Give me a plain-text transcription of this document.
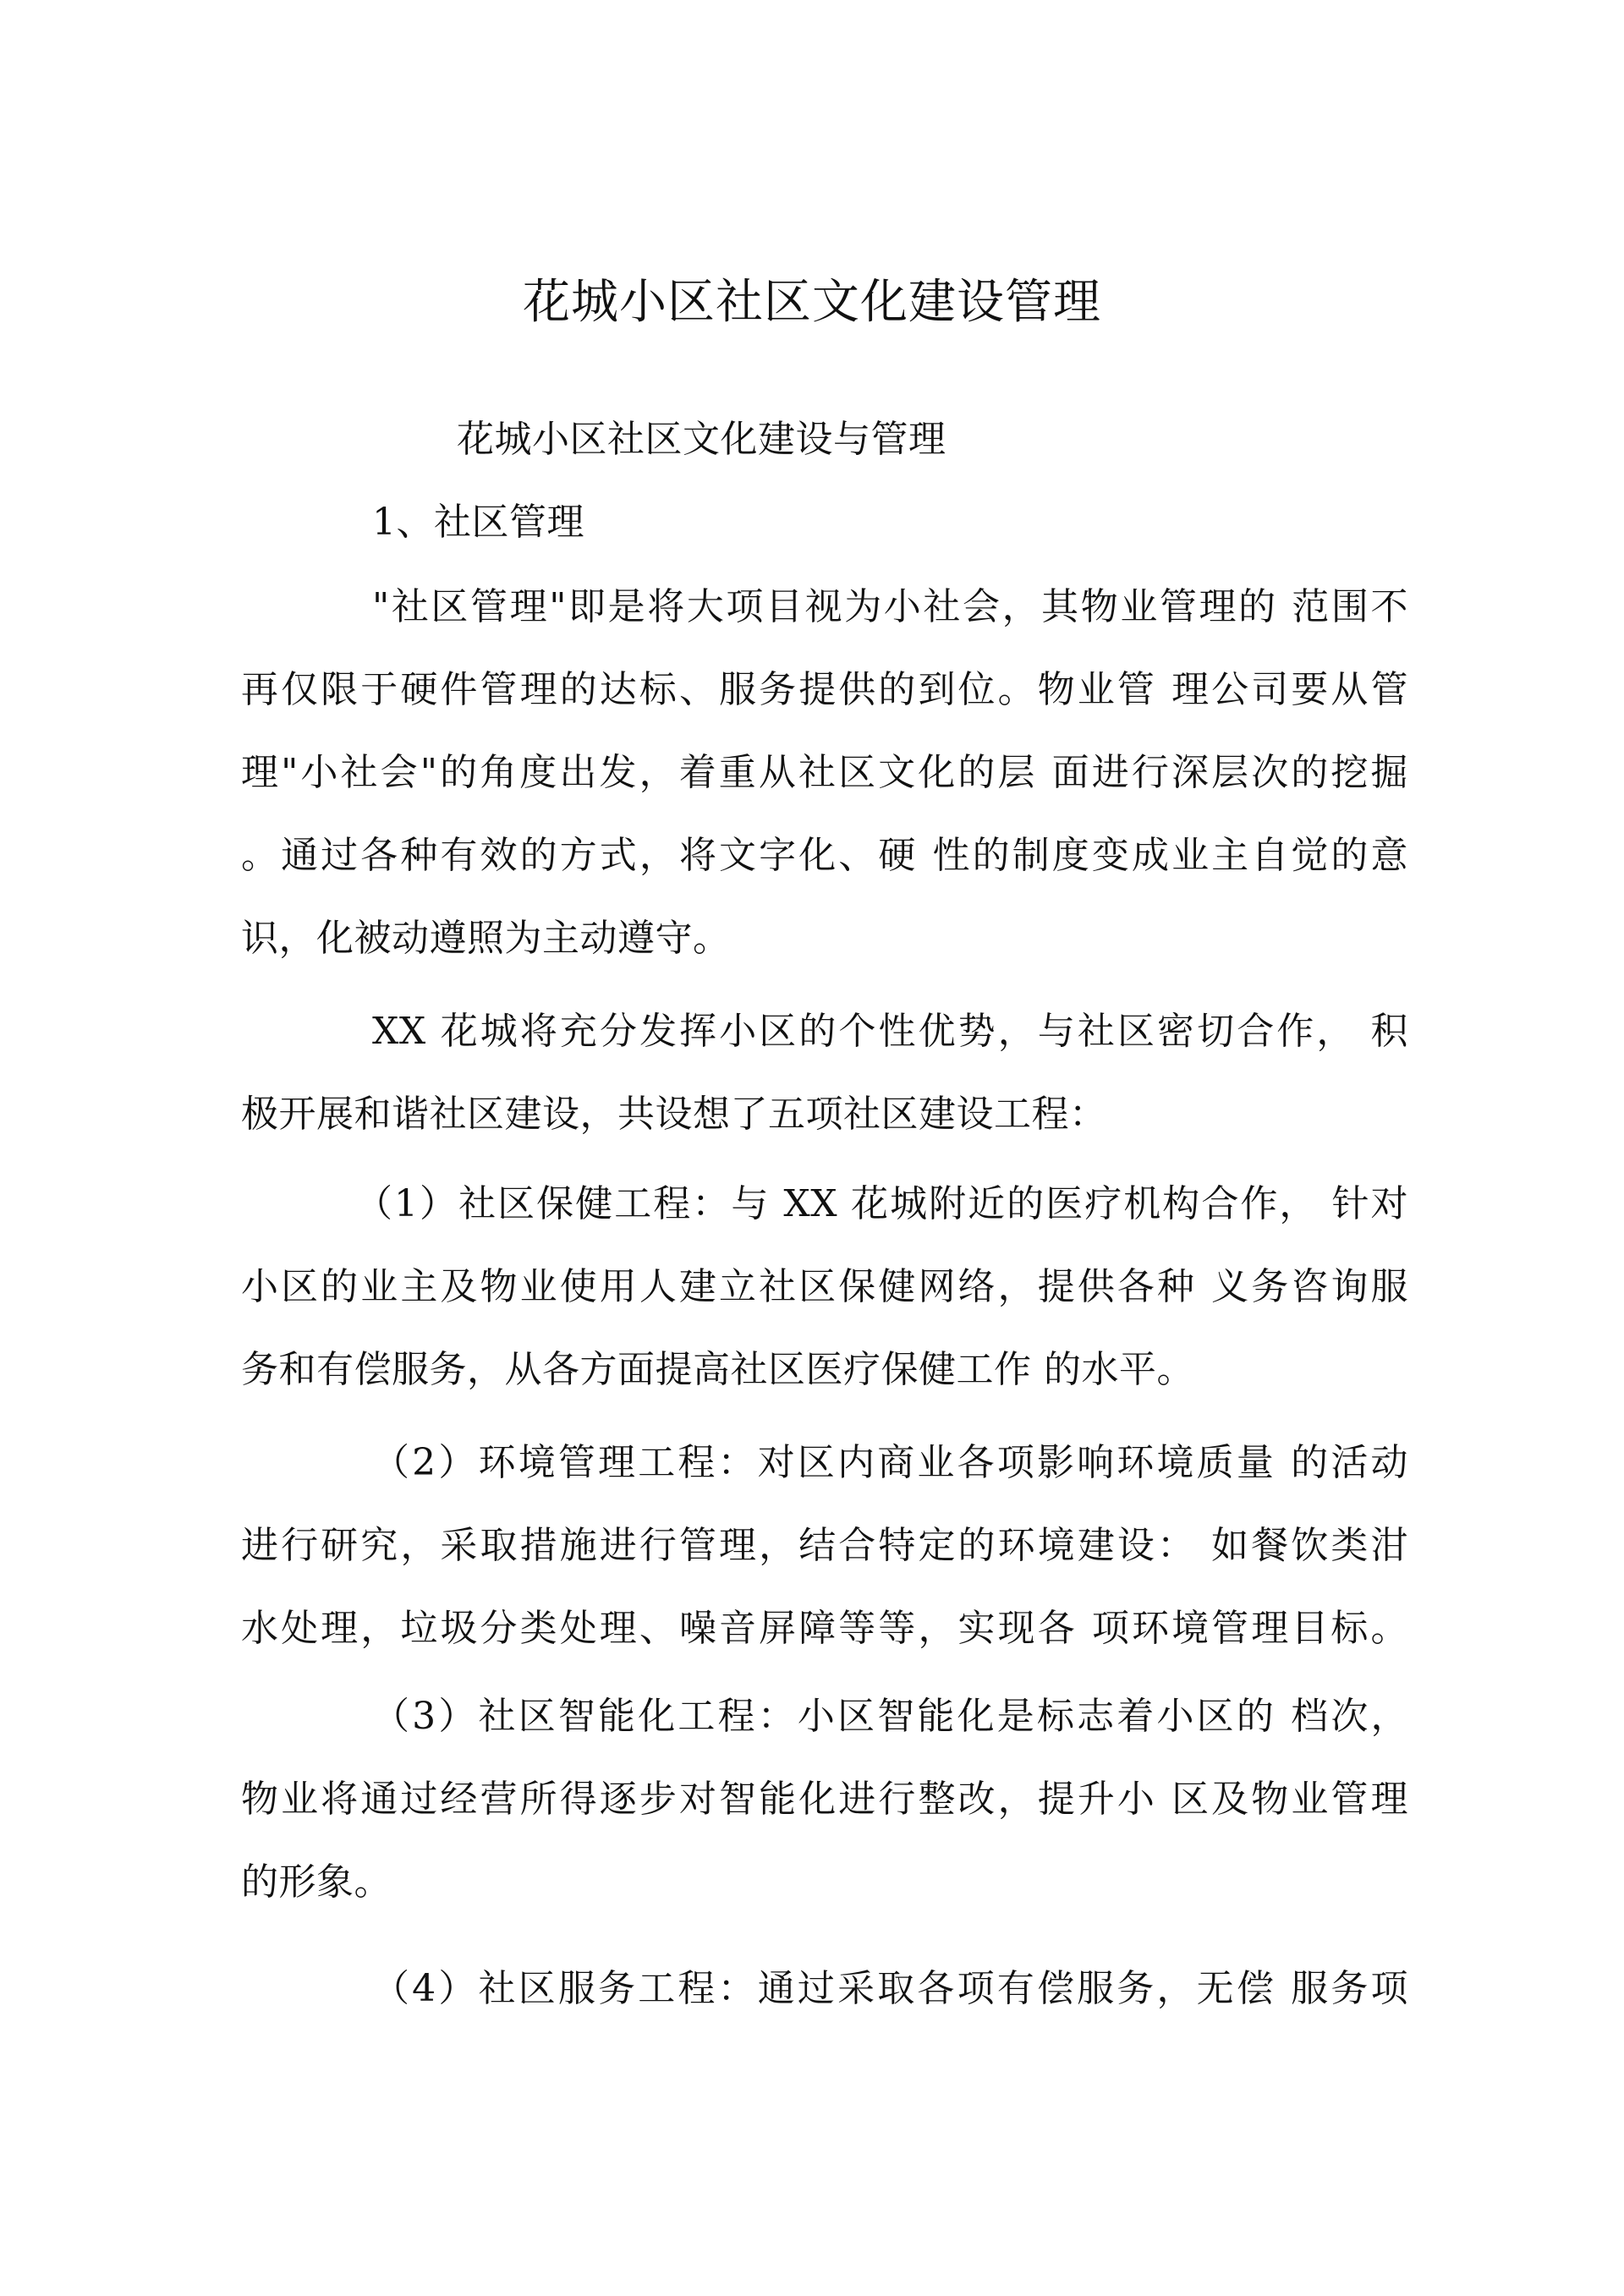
花城小区社区文化建设管理
花城小区社区文化建设与管理
1、社区管理
"社区管理"即是将大项目视为小社会，其物业管理的 范围不
再仅限于硬件管理的达标、服务提供的到位。物业管 理公司要从管
理"小社会"的角度出发，着重从社区文化的层 面进行深层次的挖掘
。通过各种有效的方式，将文字化、硬 性的制度变成业主自觉的意
识，化被动遵照为主动遵守。
XX 花城将充分发挥小区的个性优势，与社区密切合作， 积
极开展和谐社区建设，共设想了五项社区建设工程：
（1）社区保健工程：与 XX 花城附近的医疗机构合作， 针对
小区的业主及物业使用人建立社区保健网络，提供各种 义务咨询服
务和有偿服务，从各方面提高社区医疗保健工作 的水平。
（2）环境管理工程：对区内商业各项影响环境质量 的活动
进行研究，采取措施进行管理，结合特定的环境建设： 如餐饮类泔
水处理，垃圾分类处理、噪音屏障等等，实现各 项环境管理目标。
（3）社区智能化工程：小区智能化是标志着小区的 档次，
物业将通过经营所得逐步对智能化进行整改，提升小 区及物业管理
的形象。
（4）社区服务工程：通过采取各项有偿服务，无偿 服务项
